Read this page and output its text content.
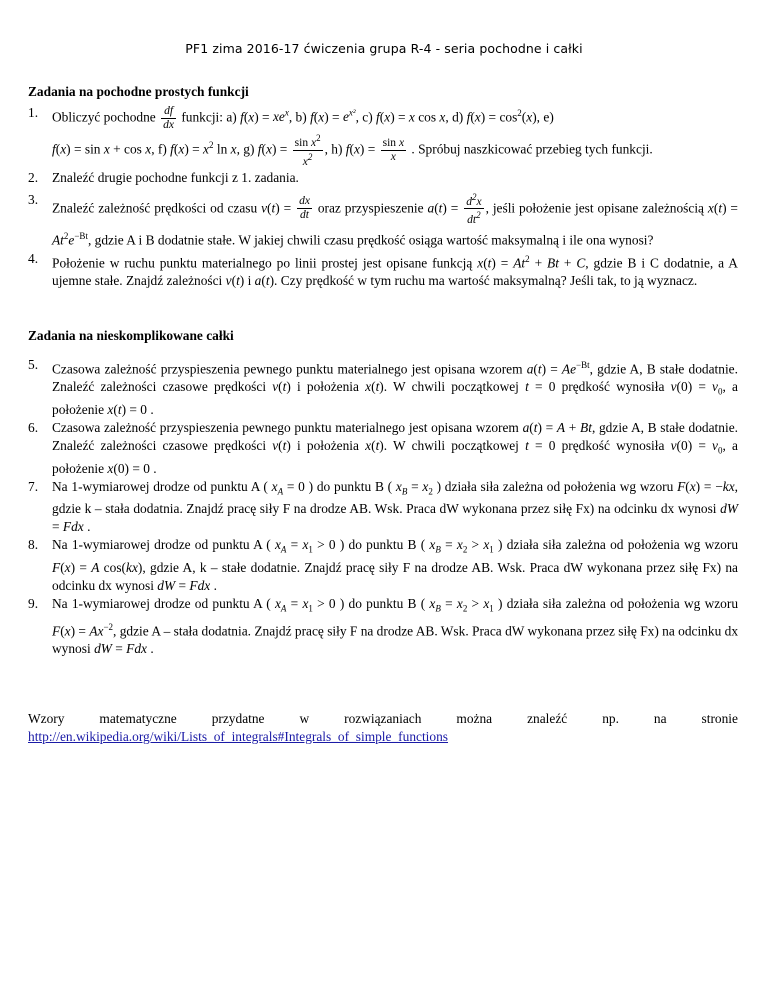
PF1 zima 2016-17 ćwiczenia grupa R-4 - seria pochodne i całki
Zadania na pochodne prostych funkcji
1. Obliczyć pochodne $\frac{df}{dx}$ funkcji: a) $f(x) = xe^x$, b) $f(x) = e^{x^2}$, c) f(x) = x cos x, d) $f(x) = \cos^2(x)$, e)
f(x) = sin x + cos x, f) $f(x) = x^2$ ln x, g) $f(x) = \frac{\sin x^2}{x^2}$ , h) $f(x) = \frac{\text{sin x}}{x}$ . Spróbuj naszkicować przebieg tych funkcji.
2. Znaleźć drugie pochodne funkcji z 1. zadania.
3.
Znaleźć zależność prędkości od czasu $v(t) = \frac{dx}{dt}$ oraz przyspieszenie $a(t) = \frac{d^2x}{dt^2}$ , jeśli położenie jest opisane zależnością $x(t) = At^2e^{-Bt}$, gdzie A i B dodatnie stałe. W jakiej chwili czasu prędkość osiąga wartość maksymalną i ile ona wynosi?
4. Położenie w ruchu punktu materialnego po linii prostej jest opisane funkcją $x(t) = At^2 + Bt + C$, gdzie B i C dodatnie, a A ujemne stałe. Znajdź zależności v(t) i a(t). Czy prędkość w tym ruchu ma wartość maksymalną? Jeśli tak, to ją wyznacz.
Zadania na nieskomplikowane całki
5. Czasowa zależność przyspieszenia pewnego punktu materialnego jest opisana wzorem $a(t) = Ae^{-Bt}$, gdzie A, B stałe dodatnie. Znaleźć zależności czasowe prędkości v(t) i położenia x(t). W chwili początkowej t = 0 prędkość wynosiła $v(0) = v_0$, a położenie x(t) = 0 .
6. Czasowa zależność przyspieszenia pewnego punktu materialnego jest opisana wzorem a(t) = A + Bt, gdzie A, B stałe dodatnie. Znaleźć zależności czasowe prędkości v(t) i położenia x(t). W chwili początkowej t = 0 prędkość wynosiła $v(0) = v_0$, a położenie x(0) = 0 .
7. Na 1-wymiarowej drodze od punktu A ( $x_A = 0$ ) do punktu B ( $x_B = x_2$ ) działa siła zależna od położenia wg wzoru F(x) = −kx, gdzie k – stała dodatnia. Znajdź pracę siły F na drodze AB. Wsk. Praca dW wykonana przez siłę Fx) na odcinku dx wynosi dW = Fdx .
8. Na 1-wymiarowej drodze od punktu A ( $x_A = x_1 > 0$ ) do punktu B ( $x_B = x_2 > x_1$ ) działa siła zależna od położenia wg wzoru F(x) = A cos(kx), gdzie A, k – stałe dodatnie. Znajdź pracę siły F na drodze AB. Wsk. Praca dW wykonana przez siłę Fx) na odcinku dx wynosi dW = Fdx .
9. Na 1-wymiarowej drodze od punktu A ( $x_A = x_1 > 0$ ) do punktu B ( $x_B = x_2 > x_1$ ) działa siła zależna od położenia wg wzoru $F(x) = Ax^{-2}$, gdzie A – stała dodatnia. Znajdź pracę siły F na drodze AB. Wsk. Praca dW wykonana przez siłę Fx) na odcinku dx wynosi dW = Fdx .
Wzory	matematyczne	przydatne	w	rozwiązaniach	można	znaleźć	np.	na	stronie
http://en.wikipedia.org/wiki/Lists_of_integrals#Integrals_of_simple_functions
